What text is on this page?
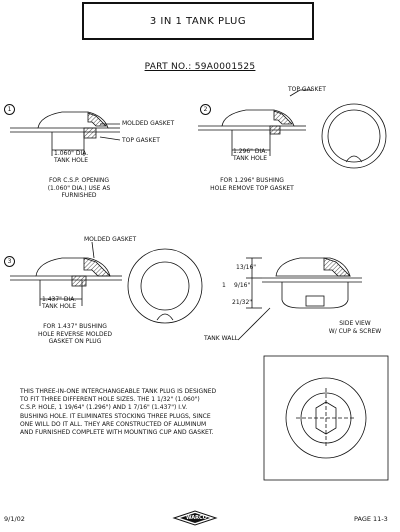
3 IN 1 TANK PLUG
PART NO.: 59A0001525
1	2
3
MOLDED GASKET
TOP GASKET
1.060" DIA.
TANK HOLE
FOR C.S.P. OPENING
(1.060" DIA.) USE AS
FURNISHED
TOP GASKET
1.296" DIA.
TANK HOLE
FOR 1.296" BUSHING
HOLE REMOVE TOP GASKET
MOLDED GASKET
1.437" DIA.
TANK HOLE
FOR 1.437" BUSHING
HOLE REVERSE MOLDED
GASKET ON PLUG
13/16"
1 9/16"
21/32"
TANK WALL
SIDE VIEW
W/ CUP & SCREW
THIS THREE-IN-ONE INTERCHANGEABLE TANK PLUG IS DESIGNED
TO FIT THREE DIFFERENT HOLE SIZES. THE 1 1/32" (1.060")
C.S.P. HOLE, 1 19/64" (1.296") AND 1 7/16" (1.437") I.V.
BUSHING HOLE. IT ELIMINATES STOCKING THREE PLUGS, SINCE
ONE WILL DO IT ALL. THEY ARE CONSTRUCTED OF ALUMINUM
AND FURNISHED COMPLETE WITH MOUNTING CUP AND GASKET.
9/1/02	WARCO	PAGE 11-3
